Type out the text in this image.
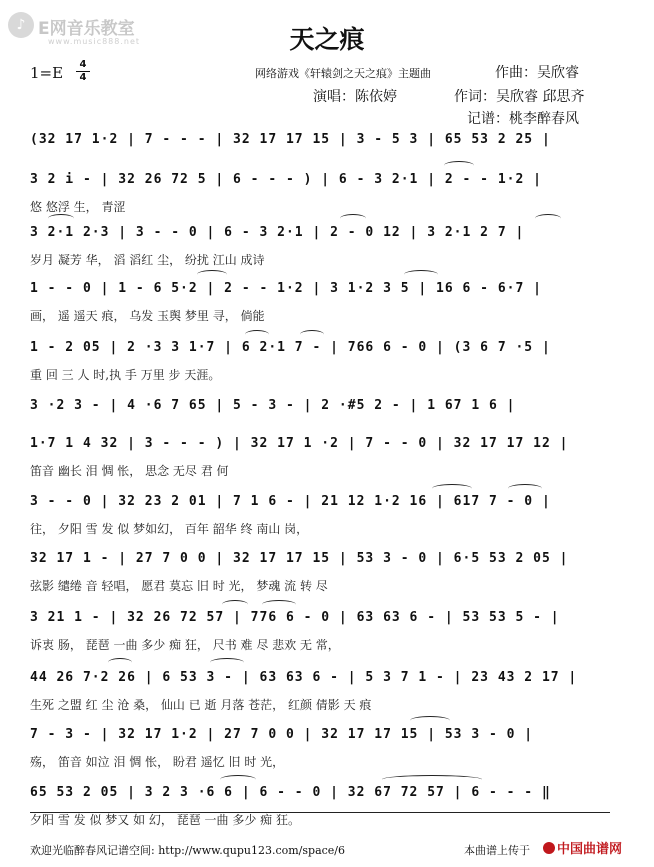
♪ E网音乐教室
www.music888.net	天之痕
1=E	4
4	网络游戏《轩辕剑之天之痕》主题曲	作曲：吴欣睿
演唱：陈依婷	作词：吴欣睿 邱思齐
记谱：桃李醉春风
(32 17 1·2 | 7 - - - | 32 17 17 15 | 3 - 5 3 | 65 53 2 25 |
3 2 i - | 32 26 72 5 | 6 - - - ) | 6 - 3 2·1 | 2 - - 1·2 |
悠 悠浮 生， 青涩
3 2·1 2·3 | 3 - - 0 | 6 - 3 2·1 | 2 - 0 12 | 3 2·1 2 7 |
岁月 凝芳 华， 滔 滔红 尘， 纷扰 江山 成诗
1 - - 0 | 1 - 6 5·2 | 2 - - 1·2 | 3 1·2 3 5 | 16 6 - 6·7 |
画， 遥 遥天 痕， 乌发 玉舆 梦里 寻， 倘能
1 - 2 05 | 2 ·3 3 1·7 | 6 2·1 7 - | 766 6 - 0 | (3 6 7 ·5 |
重 回 三 人 时,执 手 万里 步 天涯。
3 ·2 3 - | 4 ·6 7 65 | 5 - 3 - | 2 ·#5 2 - | 1 67 1 6 |
1·7 1 4 32 | 3 - - - ) | 32 17 1 ·2 | 7 - - 0 | 32 17 17 12 |
笛音 幽长 泪 惆 怅， 思念 无尽 君 何
3 - - 0 | 32 23 2 01 | 7 1 6 - | 21 12 1·2 16 | 617 7 - 0 |
往， 夕阳 雪 发 似 梦如幻， 百年 韶华 终 南山 岗，
32 17 1 - | 27 7 0 0 | 32 17 17 15 | 53 3 - 0 | 6·5 53 2 05 |
弦影 缱绻 音 轻唱， 愿君 莫忘 旧 时 光， 梦魂 流 转 尽
3 21 1 - | 32 26 72 57 | 776 6 - 0 | 63 63 6 - | 53 53 5 - |
诉衷 肠， 琵琶 一曲 多少 痴 狂， 尺书 难 尽 悲欢 无 常，
44 26 7·2 26 | 6 53 3 - | 63 63 6 - | 5 3 7 1 - | 23 43 2 17 |
生死 之盟 红 尘 沧 桑， 仙山 已 逝 月落 苍茫， 红颜 倩影 天 痕
7 - 3 - | 32 17 1·2 | 27 7 0 0 | 32 17 17 15 | 53 3 - 0 |
殇， 笛音 如泣 泪 惆 怅， 盼君 遥忆 旧 时 光，
65 53 2 05 | 3 2 3 ·6 6 | 6 - - 0 | 32 67 72 57 | 6 - - - ‖
夕阳 雪 发 似 梦又 如 幻， 琵琶 一曲 多少 痴 狂。
欢迎光临醉春风记谱空间: http://www.qupu123.com/space/6	本曲谱上传于	中国曲谱网
